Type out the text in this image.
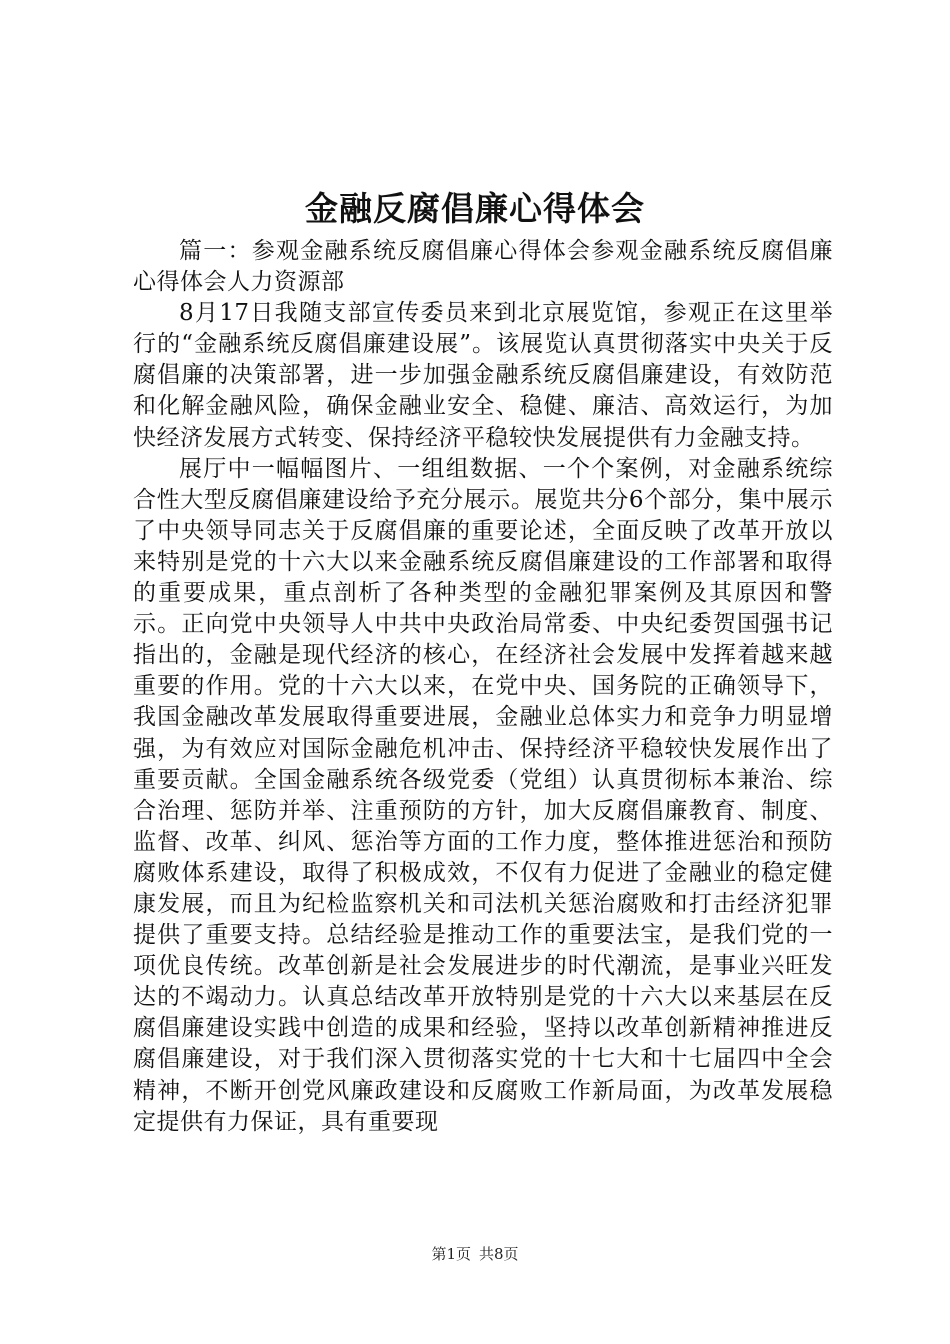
金融反腐倡廉心得体会

篇一：参观金融系统反腐倡廉心得体会参观金融系统反腐倡廉心得体会人力资源部

8月17日我随支部宣传委员来到北京展览馆，参观正在这里举行的“金融系统反腐倡廉建设展”。该展览认真贯彻落实中央关于反腐倡廉的决策部署，进一步加强金融系统反腐倡廉建设，有效防范和化解金融风险，确保金融业安全、稳健、廉洁、高效运行，为加快经济发展方式转变、保持经济平稳较快发展提供有力金融支持。

展厅中一幅幅图片、一组组数据、一个个案例，对金融系统综合性大型反腐倡廉建设给予充分展示。展览共分6个部分，集中展示了中央领导同志关于反腐倡廉的重要论述，全面反映了改革开放以来特别是党的十六大以来金融系统反腐倡廉建设的工作部署和取得的重要成果，重点剖析了各种类型的金融犯罪案例及其原因和警示。正向党中央领导人中共中央政治局常委、中央纪委贺国强书记指出的，金融是现代经济的核心，在经济社会发展中发挥着越来越重要的作用。党的十六大以来，在党中央、国务院的正确领导下，我国金融改革发展取得重要进展，金融业总体实力和竞争力明显增强，为有效应对国际金融危机冲击、保持经济平稳较快发展作出了重要贡献。全国金融系统各级党委（党组）认真贯彻标本兼治、综合治理、惩防并举、注重预防的方针，加大反腐倡廉教育、制度、监督、改革、纠风、惩治等方面的工作力度，整体推进惩治和预防腐败体系建设，取得了积极成效，不仅有力促进了金融业的稳定健康发展，而且为纪检监察机关和司法机关惩治腐败和打击经济犯罪提供了重要支持。总结经验是推动工作的重要法宝，是我们党的一项优良传统。改革创新是社会发展进步的时代潮流，是事业兴旺发达的不竭动力。认真总结改革开放特别是党的十六大以来基层在反腐倡廉建设实践中创造的成果和经验，坚持以改革创新精神推进反腐倡廉建设，对于我们深入贯彻落实党的十七大和十七届四中全会精神，不断开创党风廉政建设和反腐败工作新局面，为改革发展稳定提供有力保证，具有重要现

第1页 共8页
